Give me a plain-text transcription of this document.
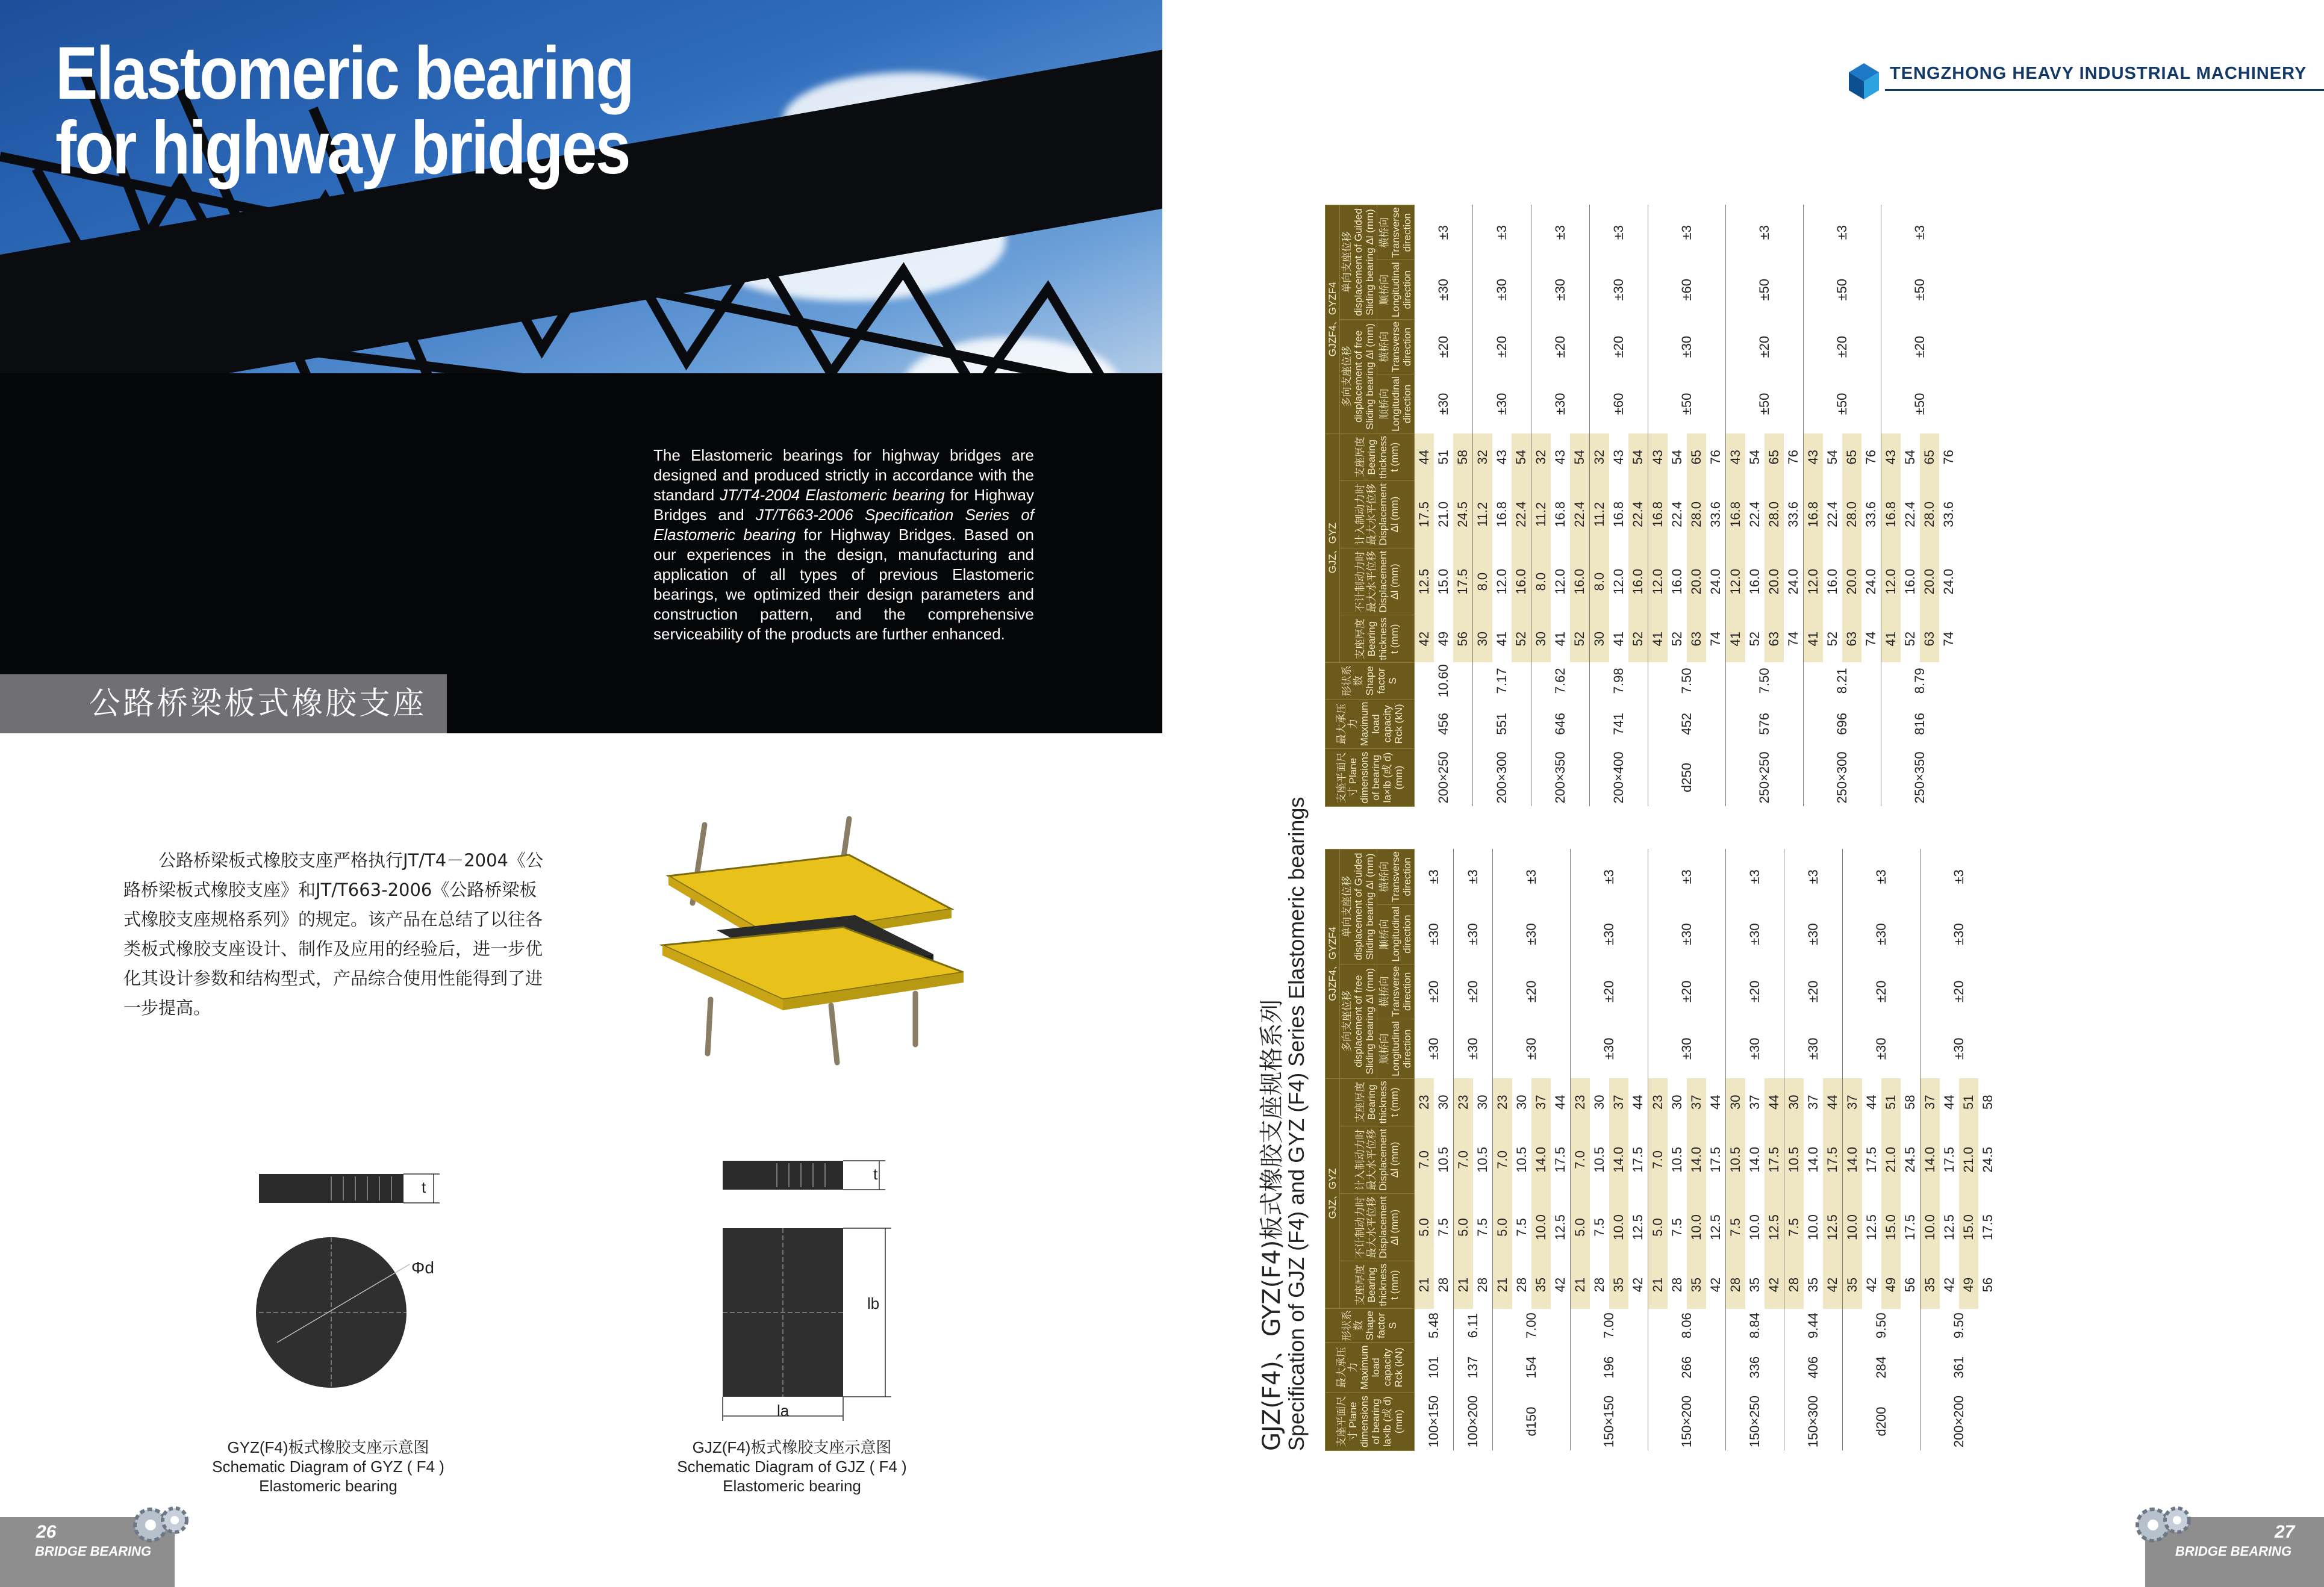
Elastomeric bearing for highway bridges
The Elastomeric bearings for highway bridges are designed and produced strictly in accordance with the standard JT/T4-2004 Elastomeric bearing for Highway Bridges and JT/T663-2006 Specification Series of Elastomeric bearing for Highway Bridges. Based on our experiences in the design, manufacturing and application of all types of previous Elastomeric bearings, we optimized their design parameters and construction pattern, and the comprehensive serviceability of the products are further enhanced.
公路桥梁板式橡胶支座
公路桥梁板式橡胶支座严格执行JT/T4－2004《公路桥梁板式橡胶支座》和JT/T663-2006《公路桥梁板式橡胶支座规格系列》的规定。该产品在总结了以往各类板式橡胶支座设计、制作及应用的经验后，进一步优化其设计参数和结构型式，产品综合使用性能得到了进一步提高。
t
Φd
GYZ(F4)板式橡胶支座示意图
Schematic Diagram of GYZ ( F4 )
Elastomeric bearing
t
lb
la
GJZ(F4)板式橡胶支座示意图
Schematic Diagram of GJZ ( F4 )
Elastomeric bearing
26
BRIDGE BEARING
TENGZHONG HEAVY INDUSTRIAL MACHINERY
GJZ(F4)、GYZ(F4)板式橡胶支座规格系列
Specification of GJZ (F4) and GYZ (F4) Series Elastomeric bearings	支座平面尺寸 Plane dimensions of bearing la×lb (或 d) (mm)	最大承压力 Maximum load capacity Rck (kN)	形状系数 Shape factor S	GJZ、GYZ				GJZF4、GYZF4			
			支座厚度 Bearing thickness t (mm)	不计制动力时最大水平位移 Displacement Δl (mm)	计入制动力时最大水平位移 Displacement Δl (mm)	支座厚度 Bearing thickness t (mm)	多向支座位移 displacement of free Sliding bearing Δl (mm)		单向支座位移 displacement of Guided Sliding bearing Δl (mm)	
							顺桥向 Longitudinal direction	横桥向 Transverse direction	顺桥向 Longitudinal direction	横桥向 Transverse direction
100×150	101	5.48	21	5.0	7.0	23	±30	±20	±30	±3
			28	7.5	10.5	30				
100×200	137	6.11	21	5.0	7.0	23	±30	±20	±30	±3
			28	7.5	10.5	30				
d150	154	7.00	21	5.0	7.0	23	±30	±20	±30	±3
			28	7.5	10.5	30				
			35	10.0	14.0	37				
			42	12.5	17.5	44				
150×150	196	7.00	21	5.0	7.0	23	±30	±20	±30	±3
			28	7.5	10.5	30				
			35	10.0	14.0	37				
			42	12.5	17.5	44				
150×200	266	8.06	21	5.0	7.0	23	±30	±20	±30	±3
			28	7.5	10.5	30				
			35	10.0	14.0	37				
			42	12.5	17.5	44				
150×250	336	8.84	28	7.5	10.5	30	±30	±20	±30	±3
			35	10.0	14.0	37				
			42	12.5	17.5	44				
150×300	406	9.44	28	7.5	10.5	30	±30	±20	±30	±3
			35	10.0	14.0	37				
			42	12.5	17.5	44				
d200	284	9.50	35	10.0	14.0	37	±30	±20	±30	±3
			42	12.5	17.5	44				
			49	15.0	21.0	51				
			56	17.5	24.5	58				
200×200	361	9.50	35	10.0	14.0	37	±30	±20	±30	±3
			42	12.5	17.5	44				
			49	15.0	21.0	51				
			56	17.5	24.5	58				
支座平面尺寸 Plane dimensions of bearing la×lb (或 d) (mm)	最大承压力 Maximum load capacity Rck (kN)	形状系数 Shape factor S	GJZ、GYZ				GJZF4、GYZF4			
			支座厚度 Bearing thickness t (mm)	不计制动力时最大水平位移 Displacement Δl (mm)	计入制动力时最大水平位移 Displacement Δl (mm)	支座厚度 Bearing thickness t (mm)	多向支座位移 displacement of free Sliding bearing Δl (mm)		单向支座位移 displacement of Guided Sliding bearing Δl (mm)	
							顺桥向 Longitudinal direction	横桥向 Transverse direction	顺桥向 Longitudinal direction	横桥向 Transverse direction
200×250	456	10.60	42	12.5	17.5	44	±30	±20	±30	±3
			49	15.0	21.0	51				
			56	17.5	24.5	58				
200×300	551	7.17	30	8.0	11.2	32	±30	±20	±30	±3
			41	12.0	16.8	43				
			52	16.0	22.4	54				
200×350	646	7.62	30	8.0	11.2	32	±30	±20	±30	±3
			41	12.0	16.8	43				
			52	16.0	22.4	54				
200×400	741	7.98	30	8.0	11.2	32	±60	±20	±30	±3
			41	12.0	16.8	43				
			52	16.0	22.4	54				
d250	452	7.50	41	12.0	16.8	43	±50	±30	±60	±3
			52	16.0	22.4	54				
			63	20.0	28.0	65				
			74	24.0	33.6	76				
250×250	576	7.50	41	12.0	16.8	43	±50	±20	±50	±3
			52	16.0	22.4	54				
			63	20.0	28.0	65				
			74	24.0	33.6	76				
250×300	696	8.21	41	12.0	16.8	43	±50	±20	±50	±3
			52	16.0	22.4	54				
			63	20.0	28.0	65				
			74	24.0	33.6	76				
250×350	816	8.79	41	12.0	16.8	43	±50	±20	±50	±3
			52	16.0	22.4	54				
			63	20.0	28.0	65				
			74	24.0	33.6	76				
27
BRIDGE BEARING
